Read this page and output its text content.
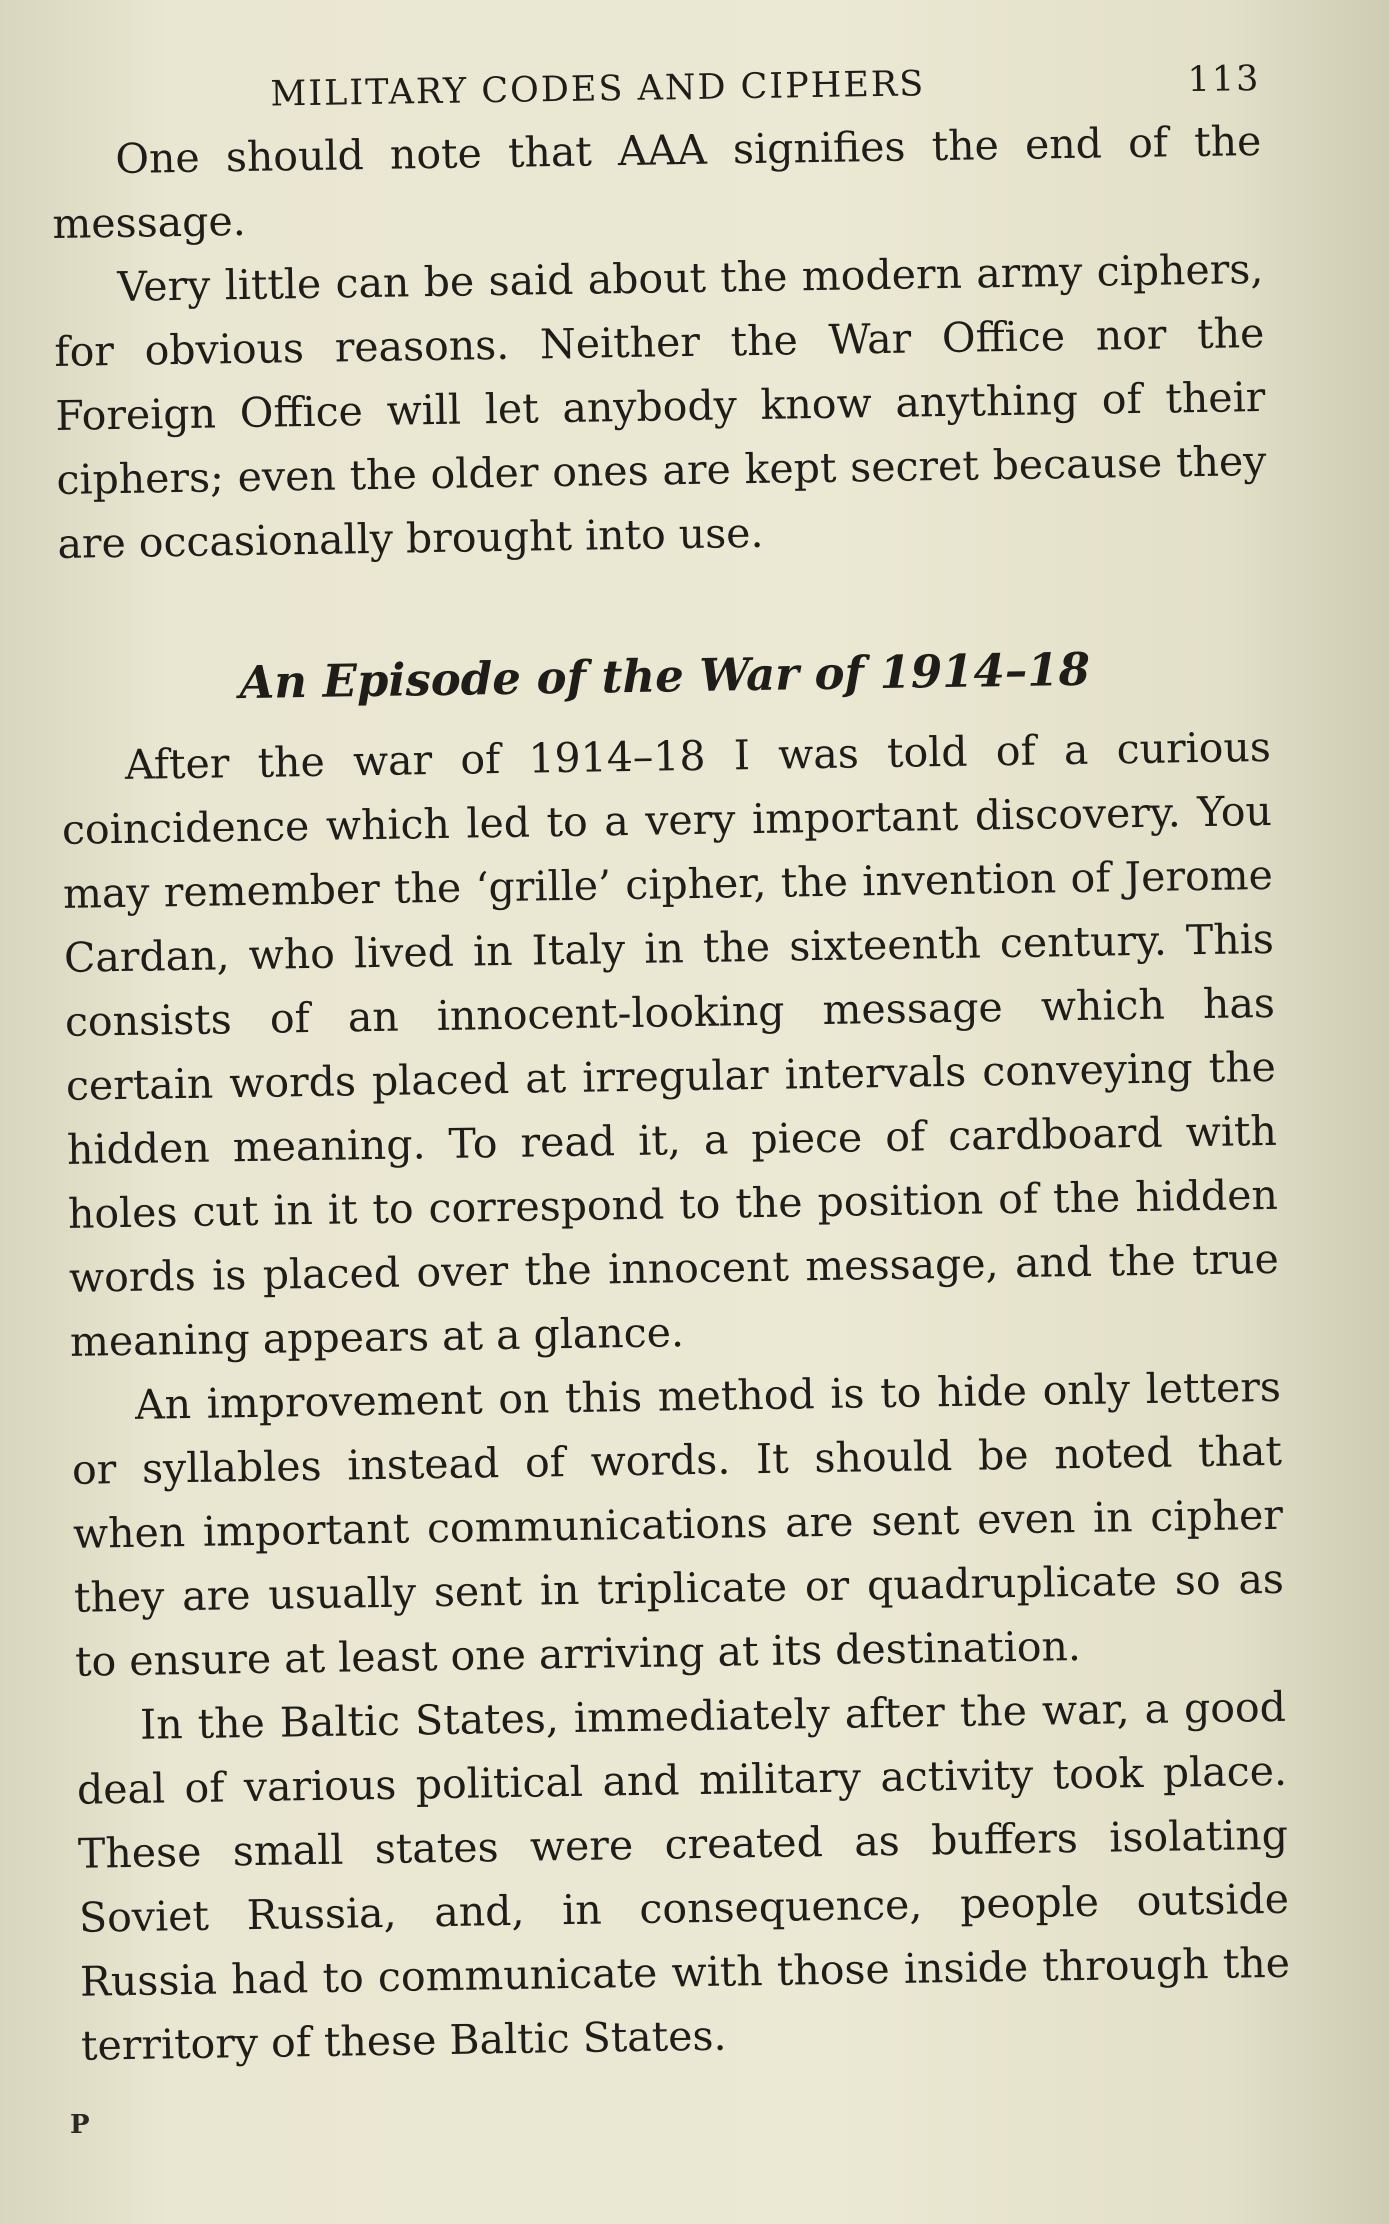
MILITARY CODES AND CIPHERS	113

One should note that AAA signifies the end of the message.

Very little can be said about the modern army ciphers, for obvious reasons. Neither the War Office nor the Foreign Office will let anybody know anything of their ciphers; even the older ones are kept secret because they are occasionally brought into use.

An Episode of the War of 1914–18

After the war of 1914–18 I was told of a curious coincidence which led to a very important discovery. You may remember the ‘grille’ cipher, the invention of Jerome Cardan, who lived in Italy in the sixteenth century. This consists of an innocent-looking message which has certain words placed at irregular intervals conveying the hidden meaning. To read it, a piece of cardboard with holes cut in it to correspond to the position of the hidden words is placed over the innocent message, and the true meaning appears at a glance.

An improvement on this method is to hide only letters or syllables instead of words. It should be noted that when important communications are sent even in cipher they are usually sent in triplicate or quadruplicate so as to ensure at least one arriving at its destination.

In the Baltic States, immediately after the war, a good deal of various political and military activity took place. These small states were created as buffers isolating Soviet Russia, and, in consequence, people outside Russia had to communicate with those inside through the territory of these Baltic States.

P
